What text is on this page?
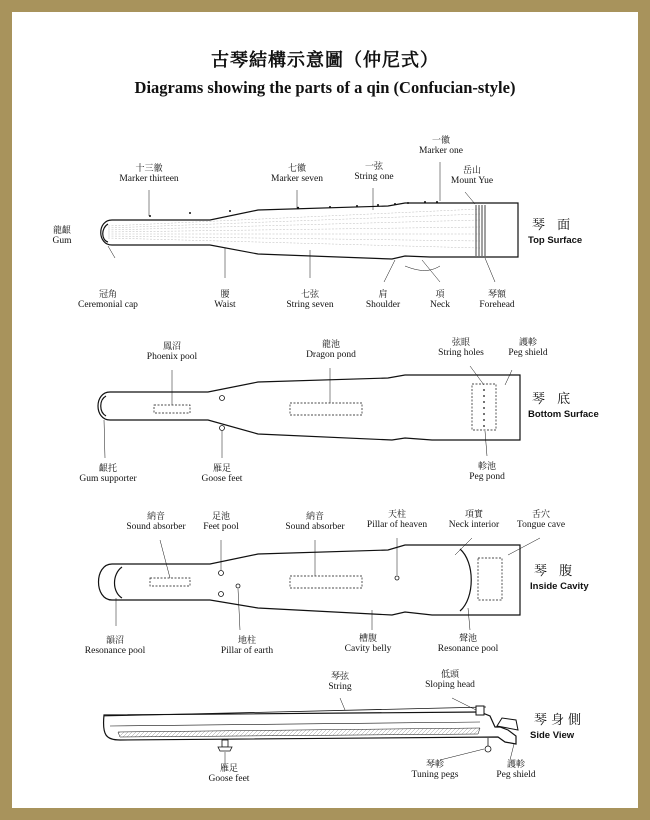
古琴結構示意圖（仲尼式）
Diagrams showing the parts of a qin (Confucian-style)
琴 面
Top Surface
琴 底
Bottom Surface
琴 腹
Inside Cavity
琴身側
Side View
十三徽
Marker thirteen
七徽
Marker seven
一弦
String one
一徽
Marker one
岳山
Mount Yue
龍齦
Gum
冠角
Ceremonial cap
腰
Waist
七弦
String seven
肩
Shoulder
項
Neck
琴額
Forehead
鳳沼
Phoenix pool
龍池
Dragon pond
弦眼
String holes
護軫
Peg shield
齦托
Gum supporter
雁足
Goose feet
軫池
Peg pond
納音
Sound absorber
足池
Feet pool
納音
Sound absorber
天柱
Pillar of heaven
項實
Neck interior
舌穴
Tongue cave
韻沼
Resonance pool
地柱
Pillar of earth
槽腹
Cavity belly
聲池
Resonance pool
琴弦
String
低頭
Sloping head
雁足
Goose feet
琴軫
Tuning pegs
護軫
Peg shield
